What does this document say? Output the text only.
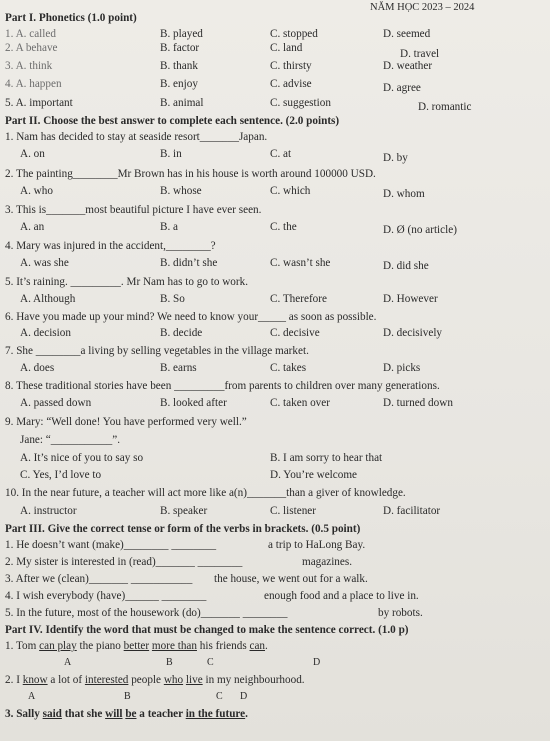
NĂM HỌC 2023 – 2024
Part I. Phonetics (1.0 point)
1. A. called	B. played	C. stopped	D. seemed
2. A behave	B. factor	C. land	D. travel
3. A. think	B. thank	C. thirsty	D. weather
4. A. happen	B. enjoy	C. advise	D. agree
5. A. important	B. animal	C. suggestion	D. romantic
Part II. Choose the best answer to complete each sentence. (2.0 points)
1. Nam has decided to stay at seaside resort_______Japan.
A. on	B. in	C. at	D. by
2. The painting________Mr Brown has in his house is worth around 100000 USD.
A. who	B. whose	C. which	D. whom
3. This is_______most beautiful picture I have ever seen.
A. an	B. a	C. the	D. Ø (no article)
4. Mary was injured in the accident,________?
A. was she	B. didn’t she	C. wasn’t she	D. did she
5. It’s raining. _________. Mr Nam has to go to work.
A. Although	B. So	C. Therefore	D. However
6. Have you made up your mind? We need to know your_____ as soon as possible.
A. decision	B. decide	C. decisive	D. decisively
7. She ________a living by selling vegetables in the village market.
A. does	B. earns	C. takes	D. picks
8. These traditional stories have been _________from parents to children over many generations.
A. passed down	B. looked after	C. taken over	D. turned down
9. Mary: “Well done! You have performed very well.”
Jane: “___________”.
A. It’s nice of you to say so	B. I am sorry to hear that
C. Yes, I’d love to	D. You’re welcome
10. In the near future, a teacher will act more like a(n)_______than a giver of knowledge.
A. instructor	B. speaker	C. listener	D. facilitator
Part III. Give the correct tense or form of the verbs in brackets. (0.5 point)
1. He doesn’t want (make)________ ________	a trip to HaLong Bay.
2. My sister is interested in (read)_______ ________	magazines.
3. After we (clean)_______ ___________ the house, we went out for a walk.
4. I wish everybody (have)______ ________	enough food and a place to live in.
5. In the future, most of the housework (do)_______ ________	by robots.
Part IV. Identify the word that must be changed to make the sentence correct. (1.0 p)
1. Tom can play the piano better more than his friends can.
A	B	C	D
2. I know a lot of interested people who live in my neighbourhood.
A	B	C D
3. Sally said that she will be a teacher in the future.
